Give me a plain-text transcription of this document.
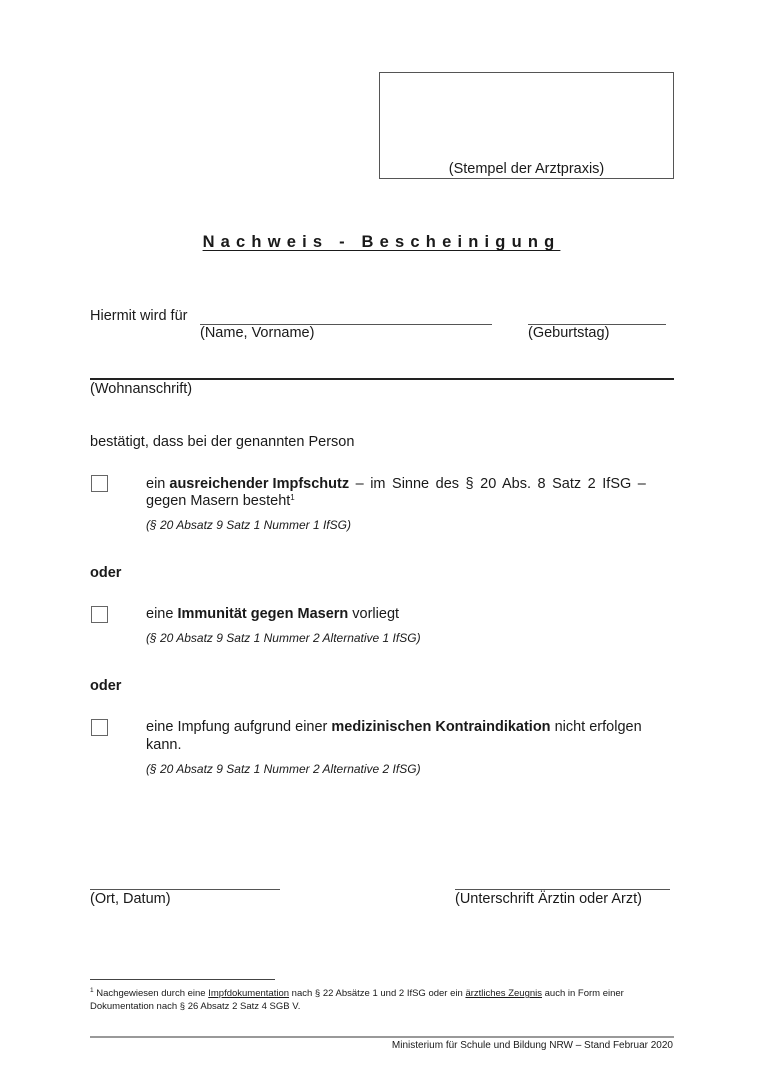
(Stempel der Arztpraxis)
Nachweis - Bescheinigung
Hiermit wird für
(Name, Vorname)	(Geburtstag)
(Wohnanschrift)
bestätigt, dass bei der genannten Person
ein ausreichender Impfschutz – im Sinne des § 20 Abs. 8 Satz 2 IfSG –
gegen Masern besteht$^1$
(§ 20 Absatz 9 Satz 1 Nummer 1 IfSG)
oder
eine Immunität gegen Masern vorliegt
(§ 20 Absatz 9 Satz 1 Nummer 2 Alternative 1 IfSG)
oder
eine Impfung aufgrund einer medizinischen Kontraindikation nicht erfolgen
kann.
(§ 20 Absatz 9 Satz 1 Nummer 2 Alternative 2 IfSG)
(Ort, Datum)	(Unterschrift Ärztin oder Arzt)
$^1$ Nachgewiesen durch eine Impfdokumentation nach § 22 Absätze 1 und 2 IfSG oder ein ärztliches Zeugnis auch in Form einer
Dokumentation nach § 26 Absatz 2 Satz 4 SGB V.
Ministerium für Schule und Bildung NRW – Stand Februar 2020
